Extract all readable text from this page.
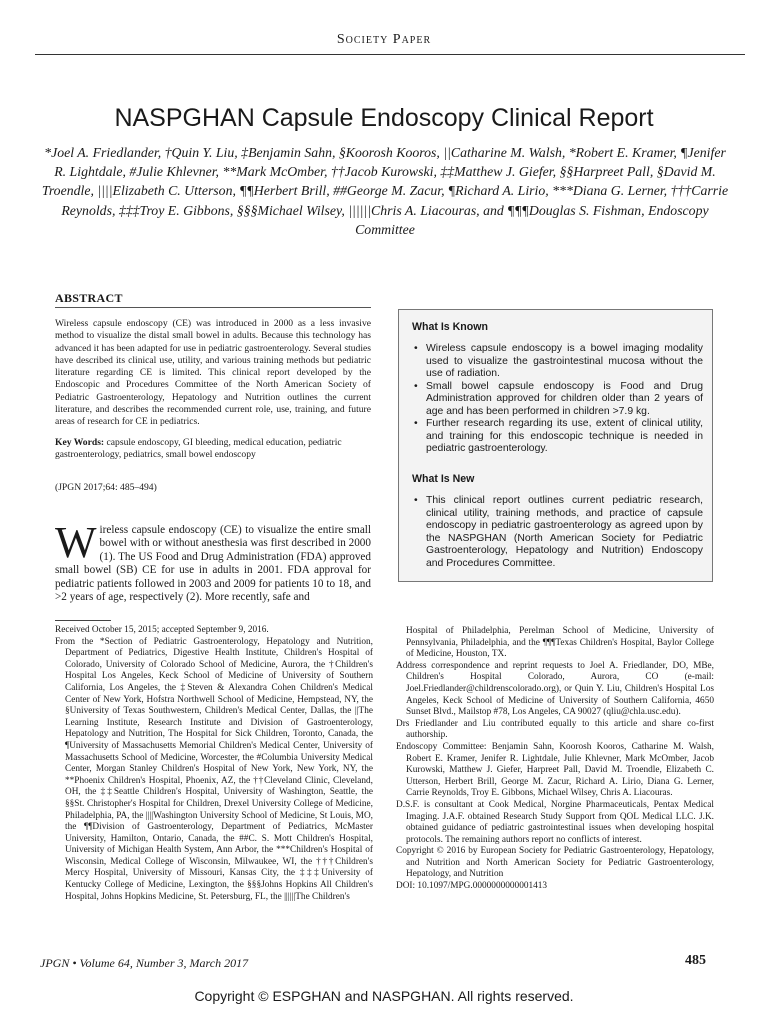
Society Paper
NASPGHAN Capsule Endoscopy Clinical Report
*Joel A. Friedlander, †Quin Y. Liu, ‡Benjamin Sahn, §Koorosh Kooros, ||Catharine M. Walsh, *Robert E. Kramer, ¶Jenifer R. Lightdale, #Julie Khlevner, **Mark McOmber, ††Jacob Kurowski, ‡‡Matthew J. Giefer, §§Harpreet Pall, §David M. Troendle, ||||Elizabeth C. Utterson, ¶¶Herbert Brill, ##George M. Zacur, ¶Richard A. Lirio, ***Diana G. Lerner, †††Carrie Reynolds, ‡‡‡Troy E. Gibbons, §§§Michael Wilsey, ||||||Chris A. Liacouras, and ¶¶¶Douglas S. Fishman, Endoscopy Committee
ABSTRACT
Wireless capsule endoscopy (CE) was introduced in 2000 as a less invasive method to visualize the distal small bowel in adults. Because this technology has advanced it has been adapted for use in pediatric gastroenterology. Several studies have described its clinical use, utility, and various training methods but pediatric literature regarding CE is limited. This clinical report developed by the Endoscopic and Procedures Committee of the North American Society of Pediatric Gastroenterology, Hepatology and Nutrition outlines the current literature, and describes the recommended current role, use, training, and future areas of research for CE in pediatrics.
Key Words: capsule endoscopy, GI bleeding, medical education, pediatric gastroenterology, pediatrics, small bowel endoscopy
(JPGN 2017;64: 485–494)
Wireless capsule endoscopy (CE) to visualize the entire small bowel with or without anesthesia was first described in 2000 (1). The US Food and Drug Administration (FDA) approved small bowel (SB) CE for use in adults in 2001. FDA approval for pediatric patients followed in 2003 and 2009 for patients 10 to 18, and >2 years of age, respectively (2). More recently, safe and
What Is Known
• Wireless capsule endoscopy is a bowel imaging modality used to visualize the gastrointestinal mucosa without the use of radiation.
• Small bowel capsule endoscopy is Food and Drug Administration approved for children older than 2 years of age and has been performed in children >7.9 kg.
• Further research regarding its use, extent of clinical utility, and training for this endoscopic technique is needed in pediatric gastroenterology.
What Is New
• This clinical report outlines current pediatric research, clinical utility, training methods, and practice of capsule endoscopy in pediatric gastroenterology as agreed upon by the NASPGHAN (North American Society for Pediatric Gastroenterology, Hepatology and Nutrition) Endoscopy and Procedures Committee.

Received October 15, 2015; accepted September 9, 2016.

From the *Section of Pediatric Gastroenterology, Hepatology and Nutrition, Department of Pediatrics, Digestive Health Institute, Children's Hospital of Colorado, University of Colorado School of Medicine, Aurora, the †Children's Hospital Los Angeles, Keck School of Medicine of University of Southern California, Los Angeles, the ‡Steven & Alexandra Cohen Children's Medical Center of New York, Hofstra Northwell School of Medicine, Hempstead, NY, the §University of Texas Southwestern, Children's Medical Center, Dallas, the ||The Learning Institute, Research Institute and Division of Gastroenterology, Hepatology and Nutrition, The Hospital for Sick Children, Toronto, Canada, the ¶University of Massachusetts Memorial Children's Medical Center, University of Massachusetts School of Medicine, Worcester, the #Columbia University Medical Center, Morgan Stanley Children's Hospital of New York, New York, NY, the **Phoenix Children's Hospital, Phoenix, AZ, the ††Cleveland Clinic, Cleveland, OH, the ‡‡Seattle Children's Hospital, University of Washington, Seattle, the §§St. Christopher's Hospital for Children, Drexel University College of Medicine, Philadelphia, PA, the ||||Washington University School of Medicine, St Louis, MO, the ¶¶Division of Gastroenterology, Department of Pediatrics, McMaster University, Hamilton, Ontario, Canada, the ##C. S. Mott Children's Hospital, University of Michigan Health System, Ann Arbor, the ***Children's Hospital of Wisconsin, Medical College of Wisconsin, Milwaukee, WI, the †††Children's Mercy Hospital, University of Missouri, Kansas City, the ‡‡‡University of Kentucky College of Medicine, Lexington, the §§§Johns Hopkins All Children's Hospital, Johns Hopkins Medicine, St. Petersburg, FL, the ||||||The Children's

Hospital of Philadelphia, Perelman School of Medicine, University of Pennsylvania, Philadelphia, and the ¶¶¶Texas Children's Hospital, Baylor College of Medicine, Houston, TX.

Address correspondence and reprint requests to Joel A. Friedlander, DO, MBe, Children's Hospital Colorado, Aurora, CO (e-mail: Joel.Friedlander@childrenscolorado.org), or Quin Y. Liu, Children's Hospital Los Angeles, Keck School of Medicine of University of Southern California, 4650 Sunset Blvd., Mailstop #78, Los Angeles, CA 90027 (qliu@chla.usc.edu).

Drs Friedlander and Liu contributed equally to this article and share co-first authorship.

Endoscopy Committee: Benjamin Sahn, Koorosh Kooros, Catharine M. Walsh, Robert E. Kramer, Jenifer R. Lightdale, Julie Khlevner, Mark McOmber, Jacob Kurowski, Matthew J. Giefer, Harpreet Pall, David M. Troendle, Elizabeth C. Utterson, Herbert Brill, George M. Zacur, Richard A. Lirio, Diana G. Lerner, Carrie Reynolds, Troy E. Gibbons, Michael Wilsey, Chris A. Liacouras.

D.S.F. is consultant at Cook Medical, Norgine Pharmaceuticals, Pentax Medical Imaging. J.A.F. obtained Research Study Support from QOL Medical LLC. J.K. obtained guidance of pediatric gastrointestinal issues when developing hospital protocols. The remaining authors report no conflicts of interest.

Copyright © 2016 by European Society for Pediatric Gastroenterology, Hepatology, and Nutrition and North American Society for Pediatric Gastroenterology, Hepatology, and Nutrition

DOI: 10.1097/MPG.0000000000001413

JPGN • Volume 64, Number 3, March 2017	485
Copyright © ESPGHAN and NASPGHAN. All rights reserved.
